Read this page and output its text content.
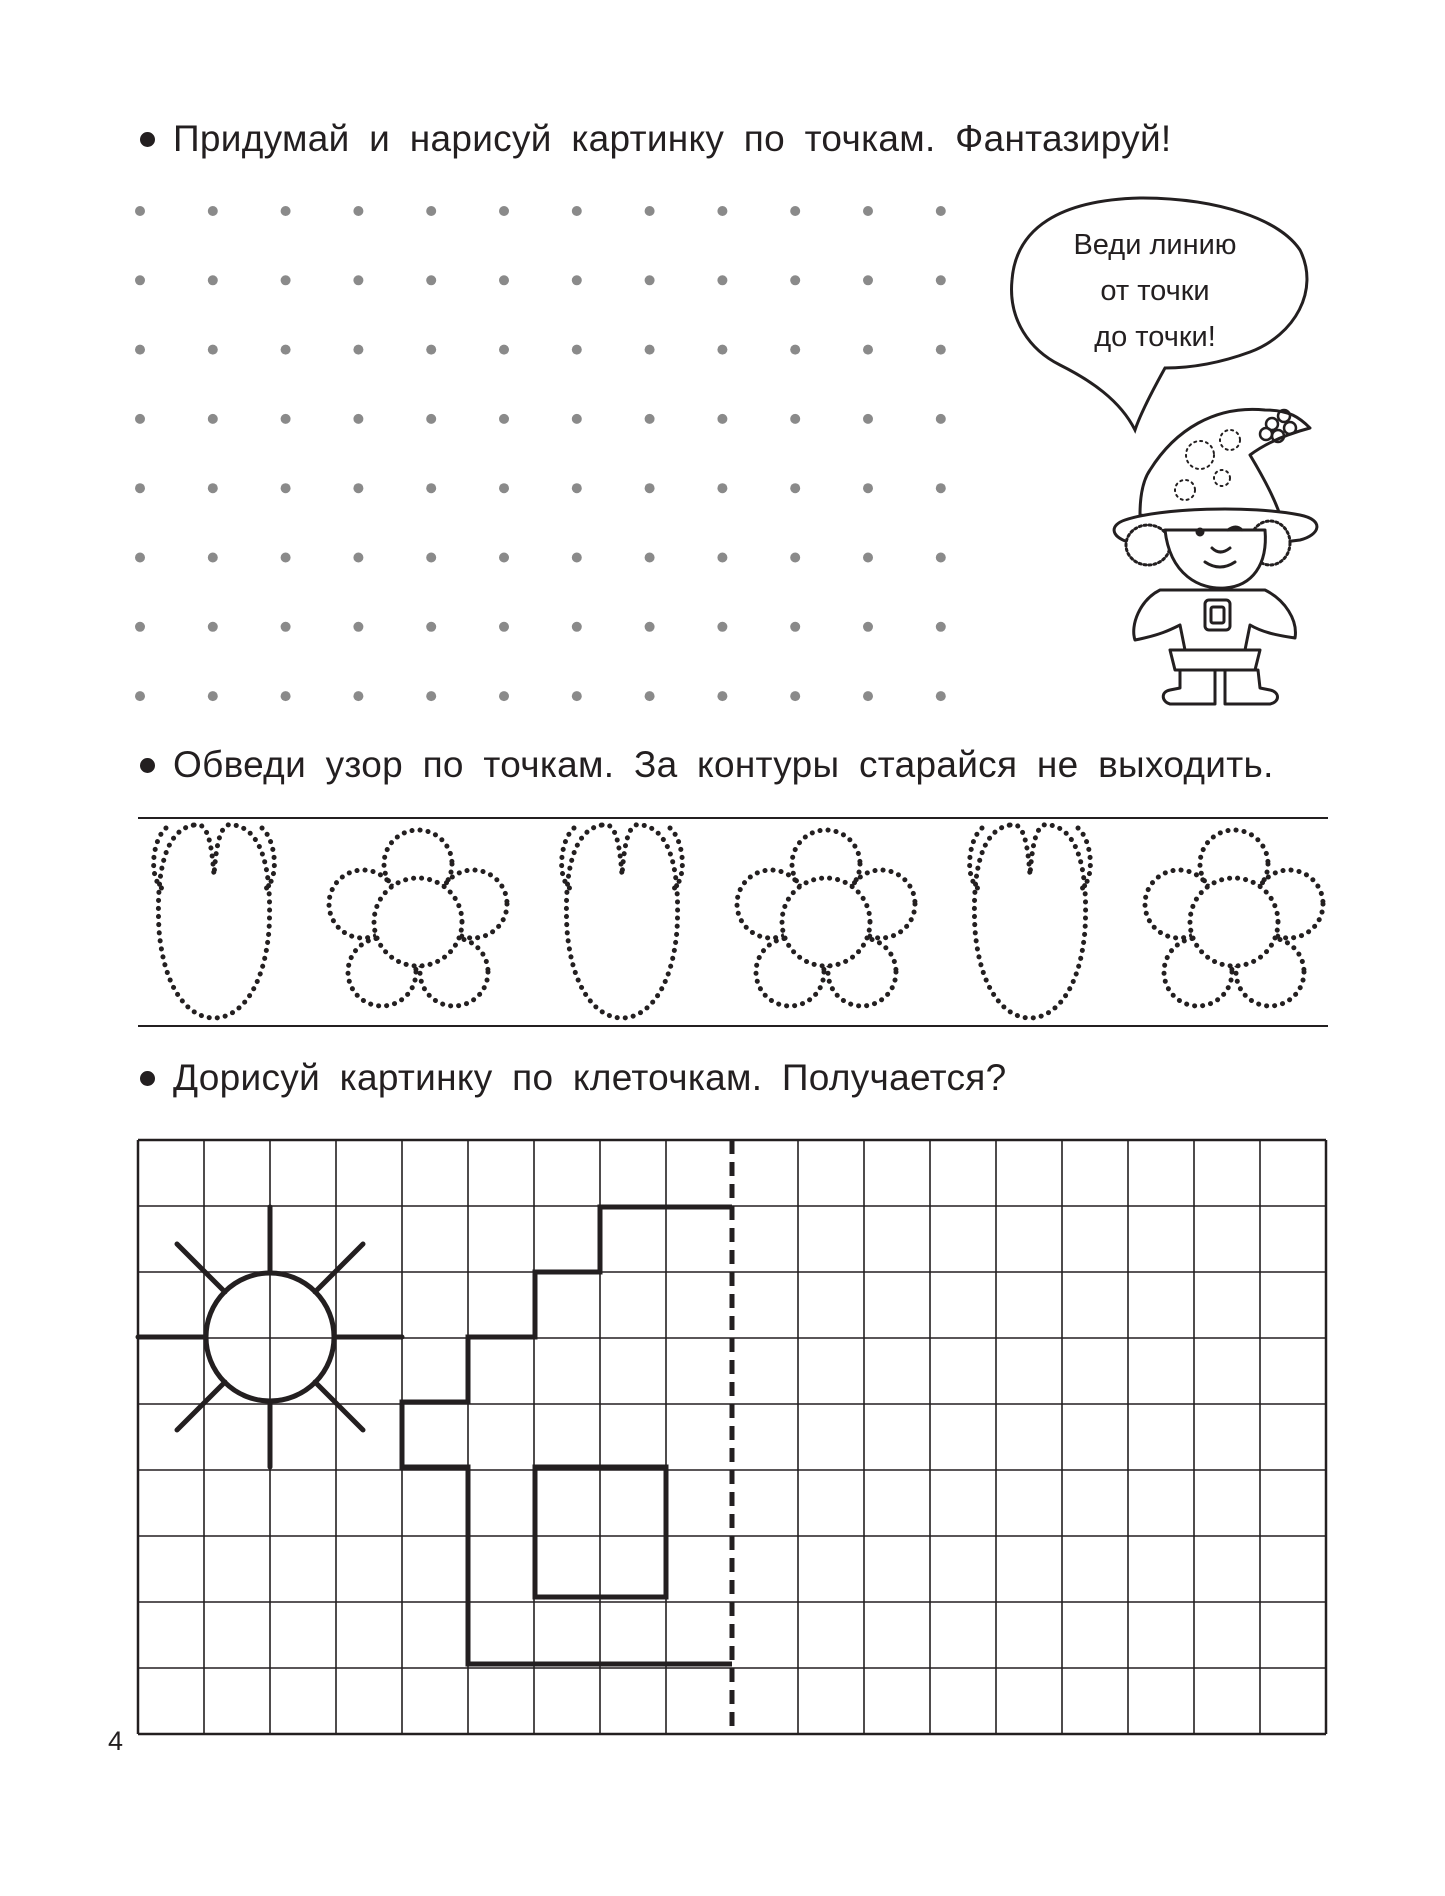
Придумай и нарисуй картинку по точкам. Фантазируй!
Обведи узор по точкам. За контуры старайся не выходить.
Дорисуй картинку по клеточкам. Получается?
Веди линию
от точки
до точки!
4
